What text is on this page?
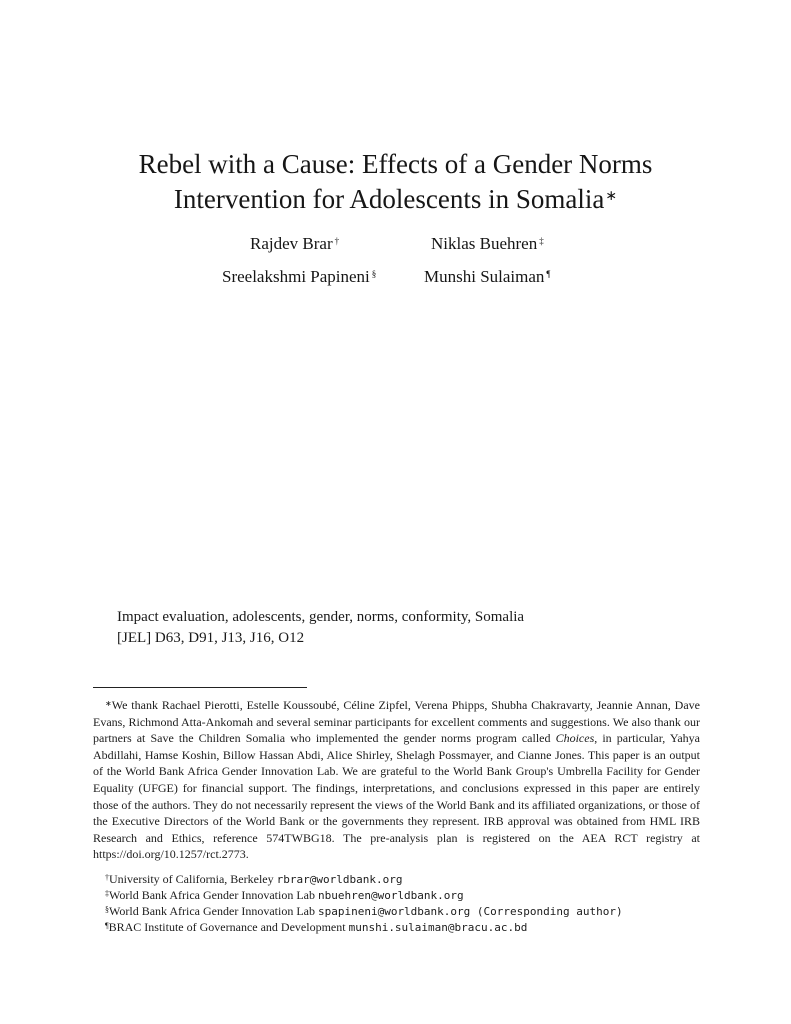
Rebel with a Cause: Effects of a Gender Norms
Intervention for Adolescents in Somalia∗
Rajdev Brar †	Niklas Buehren ‡
Sreelakshmi Papineni §	Munshi Sulaiman ¶
Impact evaluation, adolescents, gender, norms, conformity, Somalia
[JEL] D63, D91, J13, J16, O12
∗We thank Rachael Pierotti, Estelle Koussoubé, Céline Zipfel, Verena Phipps, Shubha Chakravarty, Jeannie Annan, Dave Evans, Richmond Atta-Ankomah and several seminar participants for excellent comments and suggestions. We also thank our partners at Save the Children Somalia who implemented the gender norms program called Choices, in particular, Yahya Abdillahi, Hamse Koshin, Billow Hassan Abdi, Alice Shirley, Shelagh Possmayer, and Cianne Jones. This paper is an output of the World Bank Africa Gender Innovation Lab. We are grateful to the World Bank Group's Umbrella Facility for Gender Equality (UFGE) for financial support. The findings, interpretations, and conclusions expressed in this paper are entirely those of the authors. They do not necessarily represent the views of the World Bank and its affiliated organizations, or those of the Executive Directors of the World Bank or the governments they represent. IRB approval was obtained from HML IRB Research and Ethics, reference 574TWBG18. The pre-analysis plan is registered on the AEA RCT registry at https://doi.org/10.1257/rct.2773.
†University of California, Berkeley rbrar@worldbank.org
‡World Bank Africa Gender Innovation Lab nbuehren@worldbank.org
§World Bank Africa Gender Innovation Lab spapineni@worldbank.org (Corresponding author)
¶BRAC Institute of Governance and Development munshi.sulaiman@bracu.ac.bd
